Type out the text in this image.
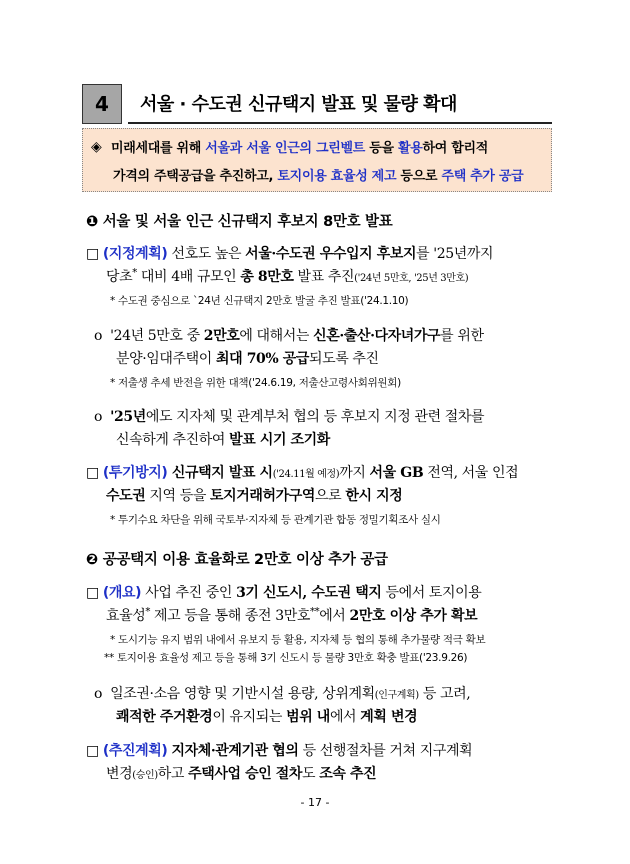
4	서울 · 수도권 신규택지 발표 및 물량 확대
◈ 미래세대를 위해 서울과 서울 인근의 그린벨트 등을 활용하여 합리적
가격의 주택공급을 추진하고, 토지이용 효율성 제고 등으로 주택 추가 공급
❶ 서울 및 서울 인근 신규택지 후보지 8만호 발표
□ (지정계획) 선호도 높은 서울·수도권 우수입지 후보지를 '25년까지
당초* 대비 4배 규모인 총 8만호 발표 추진('24년 5만호, '25년 3만호)
* 수도권 중심으로 `24년 신규택지 2만호 발굴 추진 발표('24.1.10)
ο '24년 5만호 중 2만호에 대해서는 신혼·출산·다자녀가구를 위한
분양·임대주택이 최대 70% 공급되도록 추진
* 저출생 추세 반전을 위한 대책('24.6.19, 저출산고령사회위원회)
ο '25년에도 지자체 및 관계부처 협의 등 후보지 지정 관련 절차를
신속하게 추진하여 발표 시기 조기화
□ (투기방지) 신규택지 발표 시('24.11월 예정)까지 서울 GB 전역, 서울 인접
수도권 지역 등을 토지거래허가구역으로 한시 지정
* 투기수요 차단을 위해 국토부·지자체 등 관계기관 합동 정밀기획조사 실시
❷ 공공택지 이용 효율화로 2만호 이상 추가 공급
□ (개요) 사업 추진 중인 3기 신도시, 수도권 택지 등에서 토지이용
효율성* 제고 등을 통해 종전 3만호**에서 2만호 이상 추가 확보
* 도시기능 유지 범위 내에서 유보지 등 활용, 지자체 등 협의 통해 추가물량 적극 확보
** 토지이용 효율성 제고 등을 통해 3기 신도시 등 물량 3만호 확충 발표('23.9.26)
ο 일조권·소음 영향 및 기반시설 용량, 상위계획(인구계획) 등 고려,
쾌적한 주거환경이 유지되는 범위 내에서 계획 변경
□ (추진계획) 지자체·관계기관 협의 등 선행절차를 거쳐 지구계획
변경(승인)하고 주택사업 승인 절차도 조속 추진
- 17 -
